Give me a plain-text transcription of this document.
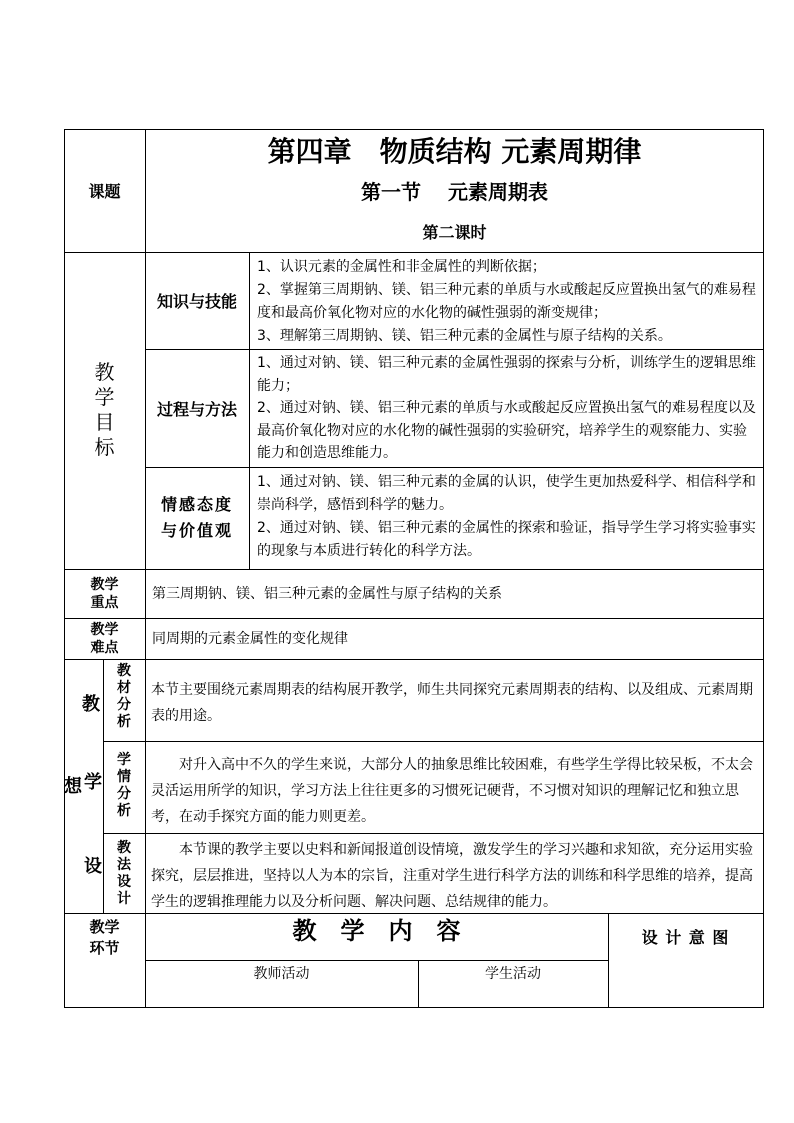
课题
第四章　物质结构 元素周期律
第一节　 元素周期表
第二课时
教
学
目
标
知识与技能

1、认识元素的金属性和非金属性的判断依据；

2、掌握第三周期钠、镁、铝三种元素的单质与水或酸起反应置换出氢气的难易程度和最高价氧化物对应的水化物的碱性强弱的渐变规律；

3、理解第三周期钠、镁、铝三种元素的金属性与原子结构的关系。

过程与方法

1、通过对钠、镁、铝三种元素的金属性强弱的探索与分析，训练学生的逻辑思维能力；

2、通过对钠、镁、铝三种元素的单质与水或酸起反应置换出氢气的难易程度以及最高价氧化物对应的水化物的碱性强弱的实验研究，培养学生的观察能力、实验能力和创造思维能力。

情感态度
与价值观

1、通过对钠、镁、铝三种元素的金属的认识，使学生更加热爱科学、相信科学和崇尚科学，感悟到科学的魅力。

2、通过对钠、镁、铝三种元素的金属性的探索和验证，指导学生学习将实验事实的现象与本质进行转化的科学方法。

教学
重点
第三周期钠、镁、铝三种元素的金属性与原子结构的关系
教学
难点
同周期的元素金属性的变化规律
教
想 学
设
教
材
分
析
本节主要围绕元素周期表的结构展开教学，师生共同探究元素周期表的结构、以及组成、元素周期表的用途。
学
情
分
析
对升入高中不久的学生来说，大部分人的抽象思维比较困难，有些学生学得比较呆板，不太会灵活运用所学的知识，学习方法上往往更多的习惯死记硬背，不习惯对知识的理解记忆和独立思考，在动手探究方面的能力则更差。
教
法
设
计
本节课的教学主要以史料和新闻报道创设情境，激发学生的学习兴趣和求知欲，充分运用实验探究，层层推进，坚持以人为本的宗旨，注重对学生进行科学方法的训练和科学思维的培养，提高学生的逻辑推理能力以及分析问题、解决问题、总结规律的能力。
教学
环节
教　学　内　容	设 计 意 图
教师活动	学生活动
